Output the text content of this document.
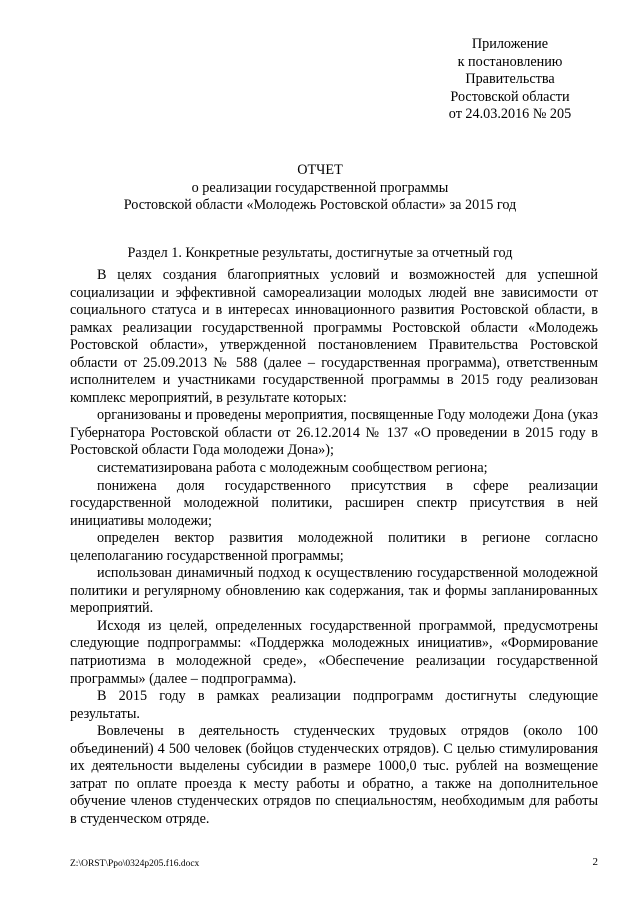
Приложение
к постановлению
Правительства
Ростовской области
от 24.03.2016 № 205
ОТЧЕТ
о реализации государственной программы
Ростовской области «Молодежь Ростовской области» за 2015 год
Раздел 1. Конкретные результаты, достигнутые за отчетный год

В целях создания благоприятных условий и возможностей для успешной социализации и эффективной самореализации молодых людей вне зависимости от социального статуса и в интересах инновационного развития Ростовской области, в рамках реализации государственной программы Ростовской области «Молодежь Ростовской области», утвержденной постановлением Правительства Ростовской области от 25.09.2013 № 588 (далее – государственная программа), ответственным исполнителем и участниками государственной программы в 2015 году реализован комплекс мероприятий, в результате которых:

организованы и проведены мероприятия, посвященные Году молодежи Дона (указ Губернатора Ростовской области от 26.12.2014 № 137 «О проведении в 2015 году в Ростовской области Года молодежи Дона»);

систематизирована работа с молодежным сообществом региона;

понижена доля государственного присутствия в сфере реализации государственной молодежной политики, расширен спектр присутствия в ней инициативы молодежи;

определен вектор развития молодежной политики в регионе согласно целеполаганию государственной программы;

использован динамичный подход к осуществлению государственной молодежной политики и регулярному обновлению как содержания, так и формы запланированных мероприятий.

Исходя из целей, определенных государственной программой, предусмотрены следующие подпрограммы: «Поддержка молодежных инициатив», «Формирование патриотизма в молодежной среде», «Обеспечение реализации государственной программы» (далее – подпрограмма).

В 2015 году в рамках реализации подпрограмм достигнуты следующие результаты.

Вовлечены в деятельность студенческих трудовых отрядов (около 100 объединений) 4 500 человек (бойцов студенческих отрядов). С целью стимулирования их деятельности выделены субсидии в размере 1000,0 тыс. рублей на возмещение затрат по оплате проезда к месту работы и обратно, а также на дополнительное обучение членов студенческих отрядов по специальностям, необходимым для работы в студенческом отряде.

Z:\ORST\Ppo\0324p205.f16.docx	2
